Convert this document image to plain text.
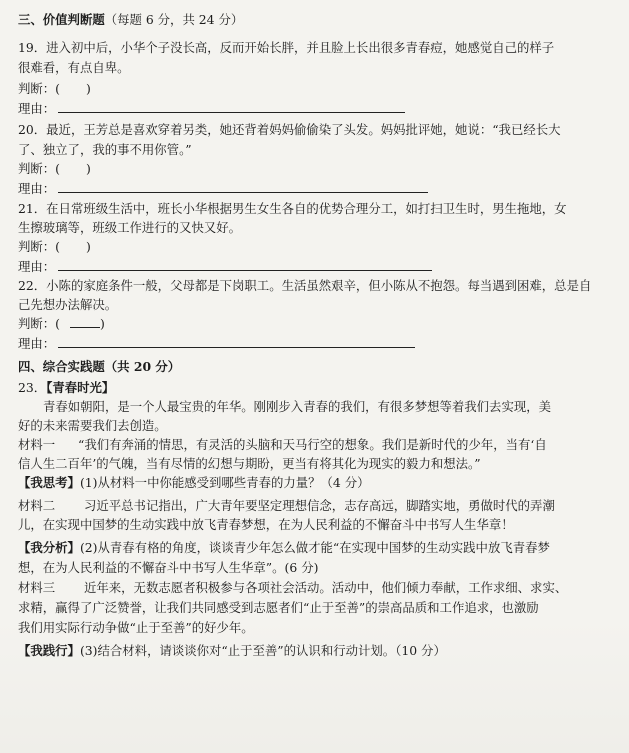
三、价值判断题（每题 6 分，共 24 分）
19．进入初中后，小华个子没长高，反而开始长胖，并且脸上长出很多青春痘，她感觉自己的样子
很难看，有点自卑。
判断：( )
理由：
20．最近，王芳总是喜欢穿着另类，她还背着妈妈偷偷染了头发。妈妈批评她，她说：“我已经长大
了、独立了，我的事不用你管。”
判断：( )
理由：
21．在日常班级生活中，班长小华根据男生女生各自的优势合理分工，如打扫卫生时，男生拖地，女
生擦玻璃等，班级工作进行的又快又好。
判断：( )
理由：
22．小陈的家庭条件一般，父母都是下岗职工。生活虽然艰辛，但小陈从不抱怨。每当遇到困难，总是自
己先想办法解决。
判断：(	)
理由：
四、综合实践题（共 20 分）
23．【青春时光】
青春如朝阳，是一个人最宝贵的年华。刚刚步入青春的我们，有很多梦想等着我们去实现，美
好的未来需要我们去创造。
材料一 “我们有奔涌的情思，有灵活的头脑和天马行空的想象。我们是新时代的少年，当有‘自
信人生二百年’的气魄，当有尽情的幻想与期盼，更当有将其化为现实的毅力和想法。”
【我思考】(1)从材料一中你能感受到哪些青春的力量？（4 分）
材料二 习近平总书记指出，广大青年要坚定理想信念，志存高远，脚踏实地，勇做时代的弄潮
儿，在实现中国梦的生动实践中放飞青春梦想，在为人民利益的不懈奋斗中书写人生华章！
【我分析】(2)从青春有格的角度，谈谈青少年怎么做才能“在实现中国梦的生动实践中放飞青春梦
想，在为人民利益的不懈奋斗中书写人生华章”。(6 分)
材料三 近年来，无数志愿者积极参与各项社会活动。活动中，他们倾力奉献，工作求细、求实、
求精，赢得了广泛赞誉，让我们共同感受到志愿者们“止于至善”的崇高品质和工作追求，也激励
我们用实际行动争做“止于至善”的好少年。
【我践行】(3)结合材料，请谈谈你对“止于至善”的认识和行动计划。（10 分）
